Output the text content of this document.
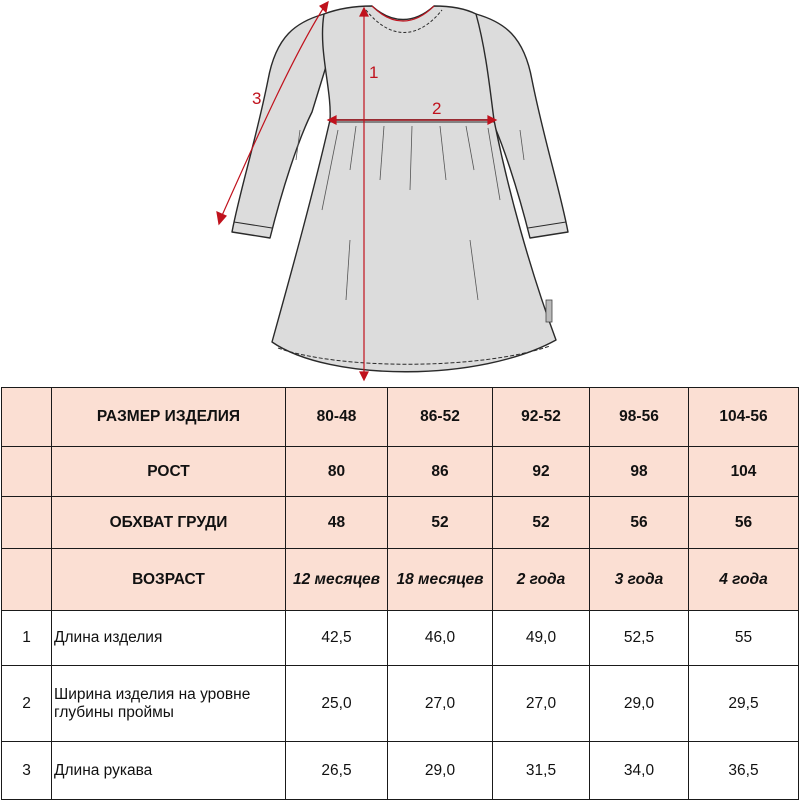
1
2
3
	РАЗМЕР ИЗДЕЛИЯ	80-48	86-52	92-52	98-56	104-56
	РОСТ	80	86	92	98	104
	ОБХВАТ ГРУДИ	48	52	52	56	56
	ВОЗРАСТ	12 месяцев	18 месяцев	2 года	3 года	4 года
1	Длина изделия	42,5	46,0	49,0	52,5	55
2	Ширина изделия на уровне глубины проймы	25,0	27,0	27,0	29,0	29,5
3	Длина рукава	26,5	29,0	31,5	34,0	36,5
